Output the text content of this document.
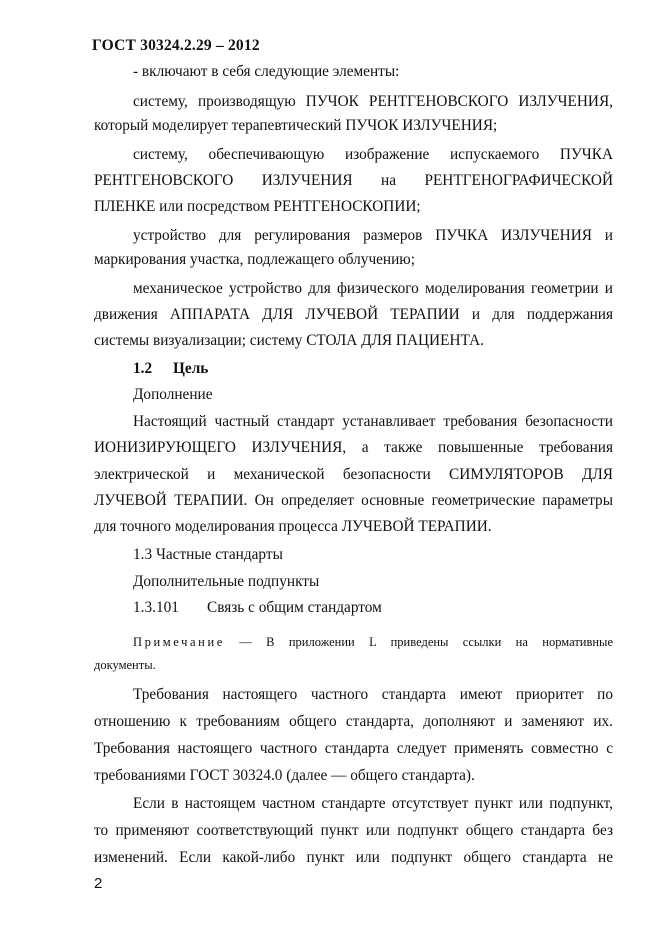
ГОСТ 30324.2.29 – 2012
- включают в себя следующие элементы:
систему, производящую ПУЧОК РЕНТГЕНОВСКОГО ИЗЛУЧЕНИЯ,
который моделирует терапевтический ПУЧОК ИЗЛУЧЕНИЯ;
систему, обеспечивающую изображение испускаемого ПУЧКА
РЕНТГЕНОВСКОГО ИЗЛУЧЕНИЯ на РЕНТГЕНОГРАФИЧЕСКОЙ
ПЛЕНКЕ или посредством РЕНТГЕНОСКОПИИ;
устройство для регулирования размеров ПУЧКА ИЗЛУЧЕНИЯ и
маркирования участка, подлежащего облучению;
механическое устройство для физического моделирования геометрии и
движения АППАРАТА ДЛЯ ЛУЧЕВОЙ ТЕРАПИИ и для поддержания
системы визуализации; систему СТОЛА ДЛЯ ПАЦИЕНТА.
1.2 Цель
Дополнение
Настоящий частный стандарт устанавливает требования безопасности
ИОНИЗИРУЮЩЕГО ИЗЛУЧЕНИЯ, а также повышенные требования
электрической и механической безопасности СИМУЛЯТОРОВ ДЛЯ
ЛУЧЕВОЙ ТЕРАПИИ. Он определяет основные геометрические параметры
для точного моделирования процесса ЛУЧЕВОЙ ТЕРАПИИ.
1.3 Частные стандарты
Дополнительные подпункты
1.3.101 Связь с общим стандартом
Примечание — В приложении L приведены ссылки на нормативные
документы.
Требования настоящего частного стандарта имеют приоритет по
отношению к требованиям общего стандарта, дополняют и заменяют их.
Требования настоящего частного стандарта следует применять совместно с
требованиями ГОСТ 30324.0 (далее — общего стандарта).
Если в настоящем частном стандарте отсутствует пункт или подпункт,
то применяют соответствующий пункт или подпункт общего стандарта без
изменений. Если какой-либо пункт или подпункт общего стандарта не
2
